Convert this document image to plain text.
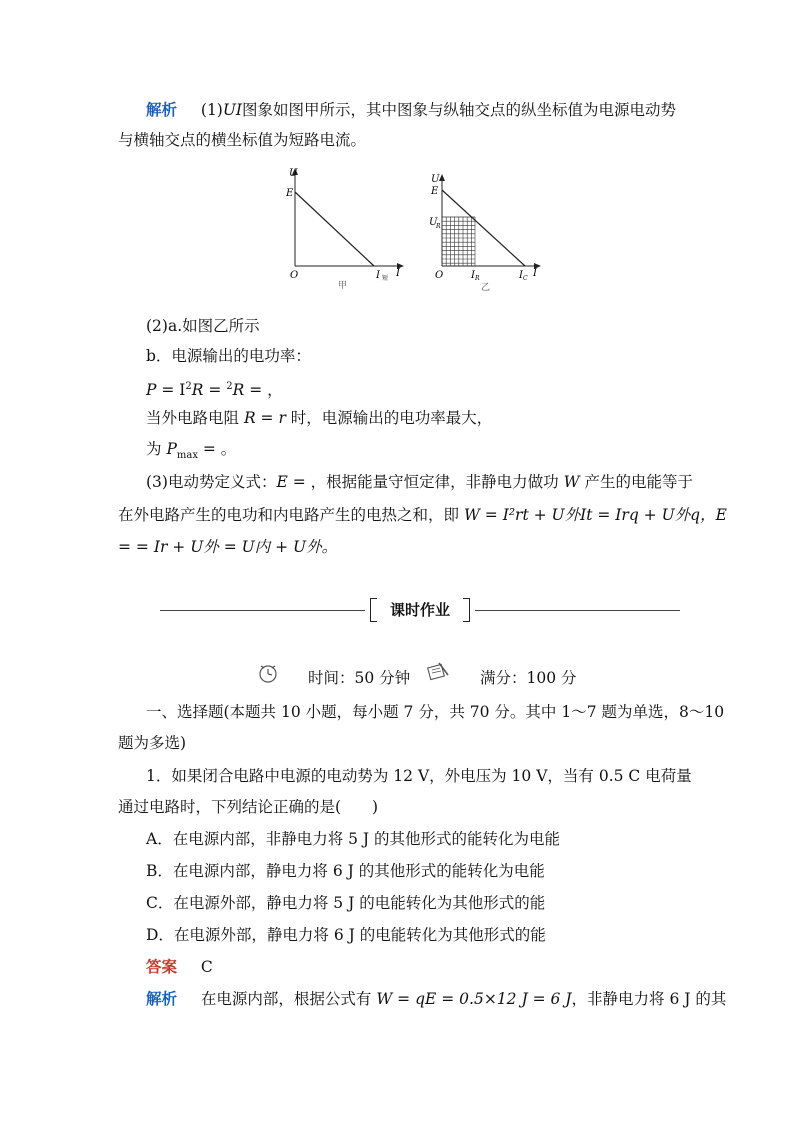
解析 (1)UI图象如图甲所示，其中图象与纵轴交点的纵坐标值为电源电动势
与横轴交点的横坐标值为短路电流。
U
E
O	I 短 I
甲
U
E
U
R
O	I R	I C I
乙
(2)a.如图乙所示
b．电源输出的电功率：
$P = I^2R = ^2R$ = ，
当外电路电阻 R = r 时，电源输出的电功率最大，
为 $P_{max}$ = 。
(3)电动势定义式：E = ，根据能量守恒定律，非静电力做功 W 产生的电能等于
在外电路产生的电功和内电路产生的电热之和，即 W = I²rt + U外It = Irq + U外q，E
= = Ir + U外 = U内 + U外。
课时作业
时间：50 分钟	满分：100 分
一、选择题(本题共 10 小题，每小题 7 分，共 70 分。其中 1～7 题为单选，8～10
题为多选)
1．如果闭合电路中电源的电动势为 12 V，外电压为 10 V，当有 0.5 C 电荷量
通过电路时，下列结论正确的是(　　)
A．在电源内部，非静电力将 5 J 的其他形式的能转化为电能
B．在电源内部，静电力将 6 J 的其他形式的能转化为电能
C．在电源外部，静电力将 5 J 的电能转化为其他形式的能
D．在电源外部，静电力将 6 J 的电能转化为其他形式的能
答案 C
解析 在电源内部，根据公式有 W = qE = 0.5×12 J = 6 J，非静电力将 6 J 的其
